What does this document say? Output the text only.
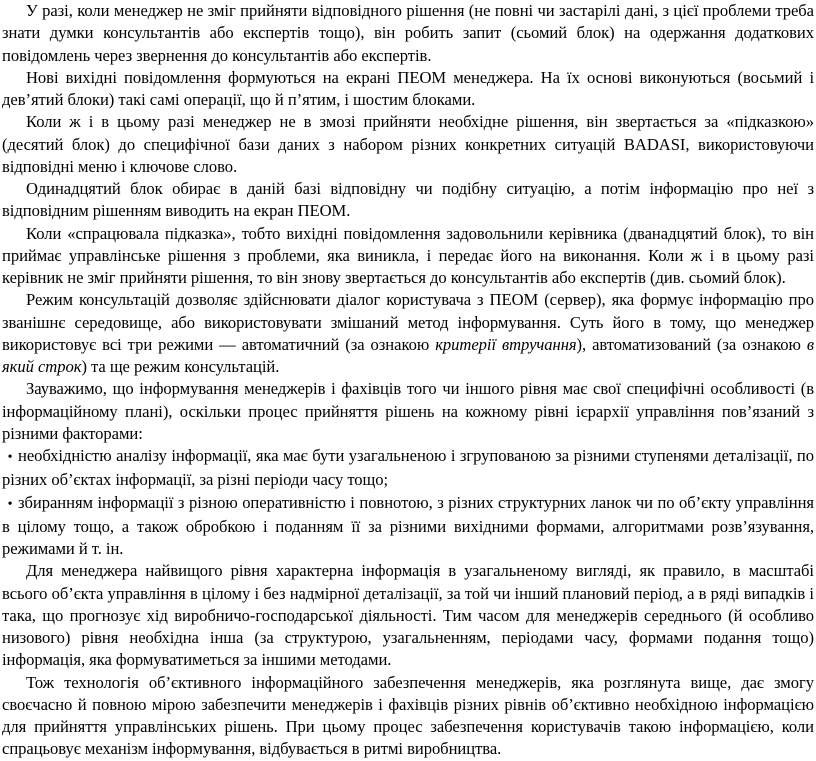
У разі, коли менеджер не зміг прийняти відповідного рішення (не повні чи застарілі дані, з цієї проблеми треба знати думки консультантів або експертів тощо), він робить запит (сьомий блок) на одержання додаткових повідомлень через звернення до консультантів або експертів.

Нові вихідні повідомлення формуються на екрані ПЕОМ менеджера. На їх основі виконуються (восьмий і дев’ятий блоки) такі самі операції, що й п’ятим, і шостим блоками.

Коли ж і в цьому разі менеджер не в змозі прийняти необхідне рішення, він звертається за «підказкою» (десятий блок) до специфічної бази даних з набором різних конкретних ситуацій BADASI, використовуючи відповідні меню і ключове слово.

Одинадцятий блок обирає в даній базі відповідну чи подібну ситуацію, а потім інформацію про неї з відповідним рішенням виводить на екран ПЕОМ.

Коли «спрацювала підказка», тобто вихідні повідомлення задовольнили керівника (дванадцятий блок), то він приймає управлінське рішення з проблеми, яка виникла, і передає його на виконання. Коли ж і в цьому разі керівник не зміг прийняти рішення, то він знову звертається до консультантів або експертів (див. сьомий блок).

Режим консультацій дозволяє здійснювати діалог користувача з ПЕОМ (сервер), яка формує інформацію про званішнє середовище, або використовувати змішаний метод інформування. Суть його в тому, що менеджер використовує всі три режими — автоматичний (за ознакою критерії втручання), автоматизований (за ознакою в який строк) та ще режим консультацій.

Зауважимо, що інформування менеджерів і фахівців того чи іншого рівня має свої специфічні особливості (в інформаційному плані), оскільки процес прийняття рішень на кожному рівні ієрархії управління пов’язаний з різними факторами:

• необхідністю аналізу інформації, яка має бути узагальненою і згрупованою за різними ступенями деталізації, по різних об’єктах інформації, за різні періоди часу тощо;

• збиранням інформації з різною оперативністю і повнотою, з різних структурних ланок чи по об’єкту управління в цілому тощо, а також обробкою і поданням її за різними вихідними формами, алгоритмами розв’язування, режимами й т. ін.

Для менеджера найвищого рівня характерна інформація в узагальненому вигляді, як правило, в масштабі всього об’єкта управління в цілому і без надмірної деталізації, за той чи інший плановий період, а в ряді випадків і така, що прогнозує хід виробничо-господарської діяльності. Тим часом для менеджерів середнього (й особливо низового) рівня необхідна інша (за структурою, узагальненням, періодами часу, формами подання тощо) інформація, яка формуватиметься за іншими методами.

Тож технологія об’єктивного інформаційного забезпечення менеджерів, яка розглянута вище, дає змогу своєчасно й повною мірою забезпечити менеджерів і фахівців різних рівнів об’єктивно необхідною інформацією для прийняття управлінських рішень. При цьому процес забезпечення користувачів такою інформацією, коли спрацьовує механізм інформування, відбувається в ритмі виробництва.
